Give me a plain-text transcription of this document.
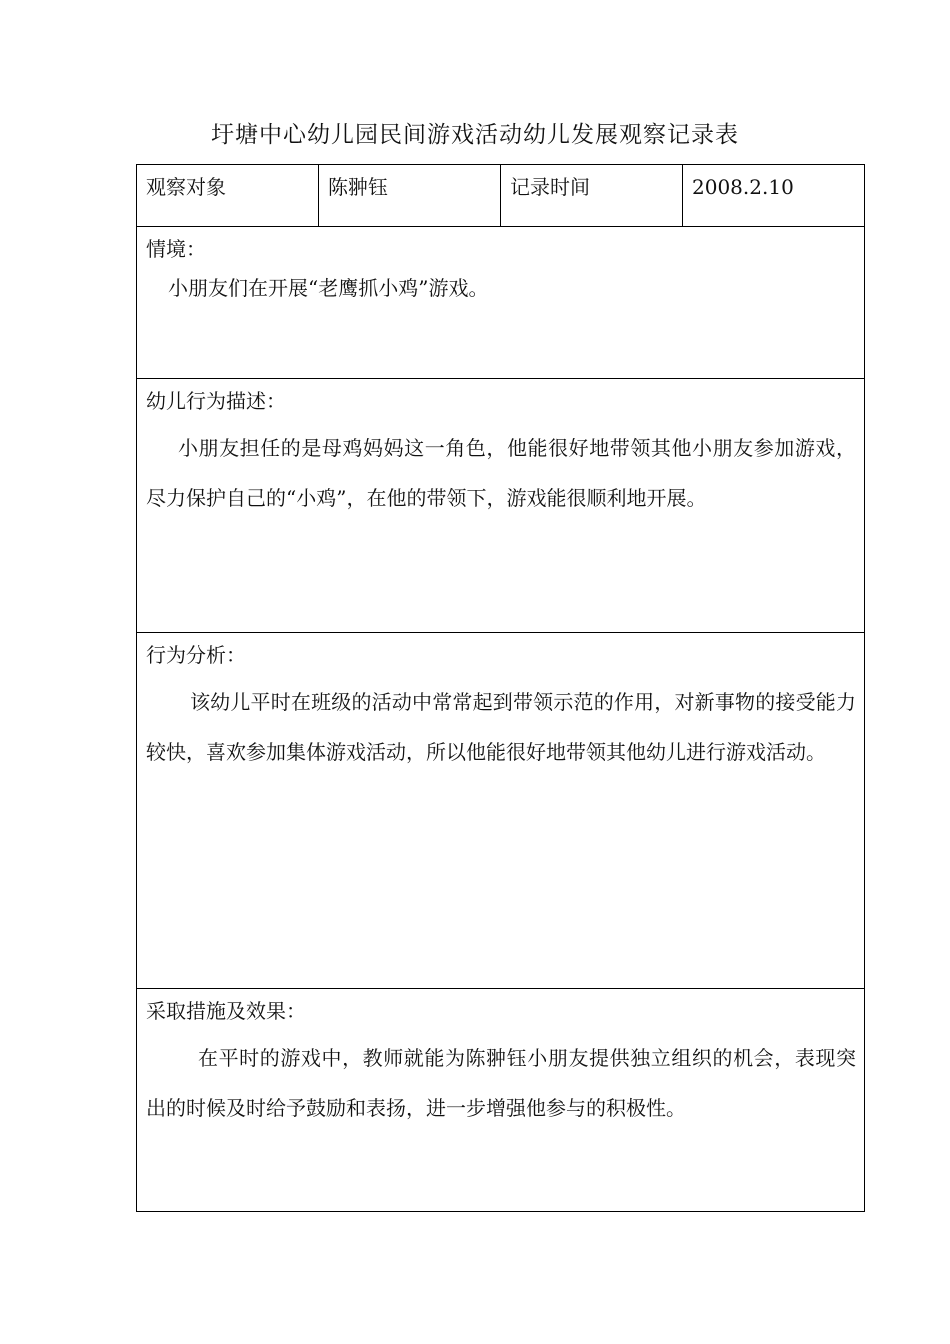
圩塘中心幼儿园民间游戏活动幼儿发展观察记录表
观察对象	陈翀钰	记录时间	2008.2.10

情境：

小朋友们在开展“老鹰抓小鸡”游戏。

幼儿行为描述：

小朋友担任的是母鸡妈妈这一角色，他能很好地带领其他小朋友参加游戏，尽力保护自己的“小鸡”，在他的带领下，游戏能很顺利地开展。

行为分析：

该幼儿平时在班级的活动中常常起到带领示范的作用，对新事物的接受能力较快，喜欢参加集体游戏活动，所以他能很好地带领其他幼儿进行游戏活动。

采取措施及效果：

在平时的游戏中，教师就能为陈翀钰小朋友提供独立组织的机会，表现突出的时候及时给予鼓励和表扬，进一步增强他参与的积极性。
